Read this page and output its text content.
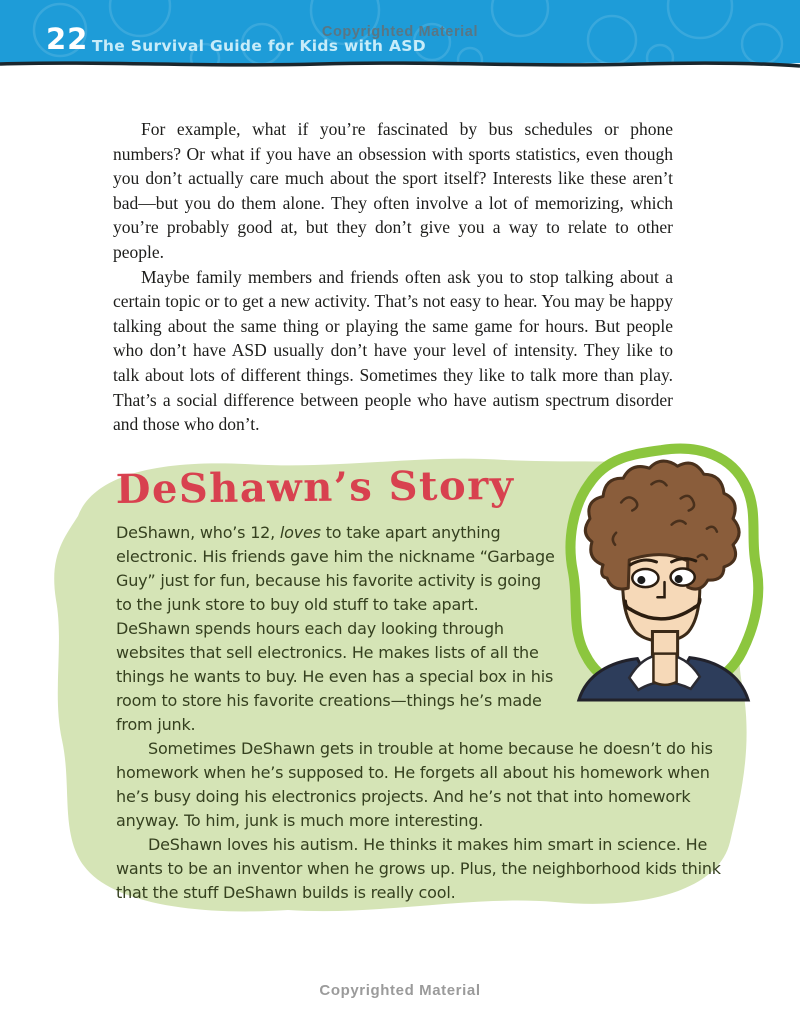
22 The Survival Guide for Kids with ASD
Copyrighted Material

For example, what if you’re fascinated by bus schedules or phone numbers? Or what if you have an obsession with sports statistics, even though you don’t actually care much about the sport itself? Interests like these aren’t bad—but you do them alone. They often involve a lot of memorizing, which you’re probably good at, but they don’t give you a way to relate to other people.

Maybe family members and friends often ask you to stop talking about a certain topic or to get a new activity. That’s not easy to hear. You may be happy talking about the same thing or playing the same game for hours. But people who don’t have ASD usually don’t have your level of intensity. They like to talk about lots of different things. Sometimes they like to talk more than play. That’s a social difference between people who have autism spectrum disorder and those who don’t.

DeShawn’s Story

DeShawn, who’s 12, loves to take apart anything electronic. His friends gave him the nickname “Garbage Guy” just for fun, because his favorite activity is going to the junk store to buy old stuff to take apart. DeShawn spends hours each day looking through websites that sell electronics. He makes lists of all the things he wants to buy. He even has a special box in his room to store his favorite creations—things he’s made from junk.

Sometimes DeShawn gets in trouble at home because he doesn’t do his homework when he’s supposed to. He forgets all about his homework when he’s busy doing his electronics projects. And he’s not that into homework anyway. To him, junk is much more interesting.

DeShawn loves his autism. He thinks it makes him smart in science. He wants to be an inventor when he grows up. Plus, the neighborhood kids think that the stuff DeShawn builds is really cool.

Copyrighted Material
